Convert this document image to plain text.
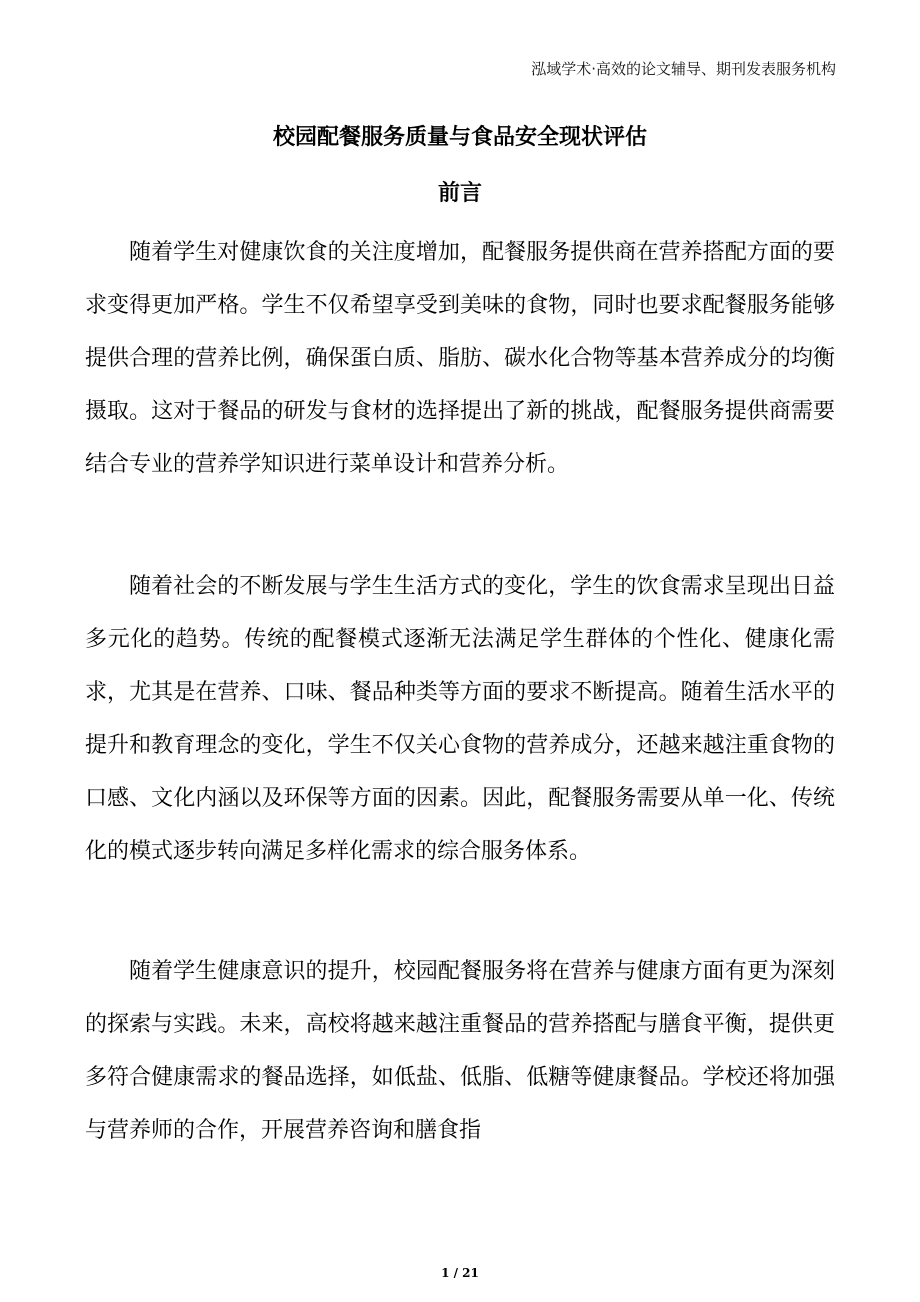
泓域学术·高效的论文辅导、期刊发表服务机构
校园配餐服务质量与食品安全现状评估
前言

随着学生对健康饮食的关注度增加，配餐服务提供商在营养搭配方面的要求变得更加严格。学生不仅希望享受到美味的食物，同时也要求配餐服务能够提供合理的营养比例，确保蛋白质、脂肪、碳水化合物等基本营养成分的均衡摄取。这对于餐品的研发与食材的选择提出了新的挑战，配餐服务提供商需要结合专业的营养学知识进行菜单设计和营养分析。

随着社会的不断发展与学生生活方式的变化，学生的饮食需求呈现出日益多元化的趋势。传统的配餐模式逐渐无法满足学生群体的个性化、健康化需求，尤其是在营养、口味、餐品种类等方面的要求不断提高。随着生活水平的提升和教育理念的变化，学生不仅关心食物的营养成分，还越来越注重食物的口感、文化内涵以及环保等方面的因素。因此，配餐服务需要从单一化、传统化的模式逐步转向满足多样化需求的综合服务体系。

随着学生健康意识的提升，校园配餐服务将在营养与健康方面有更为深刻的探索与实践。未来，高校将越来越注重餐品的营养搭配与膳食平衡，提供更多符合健康需求的餐品选择，如低盐、低脂、低糖等健康餐品。学校还将加强与营养师的合作，开展营养咨询和膳食指

1 / 21
